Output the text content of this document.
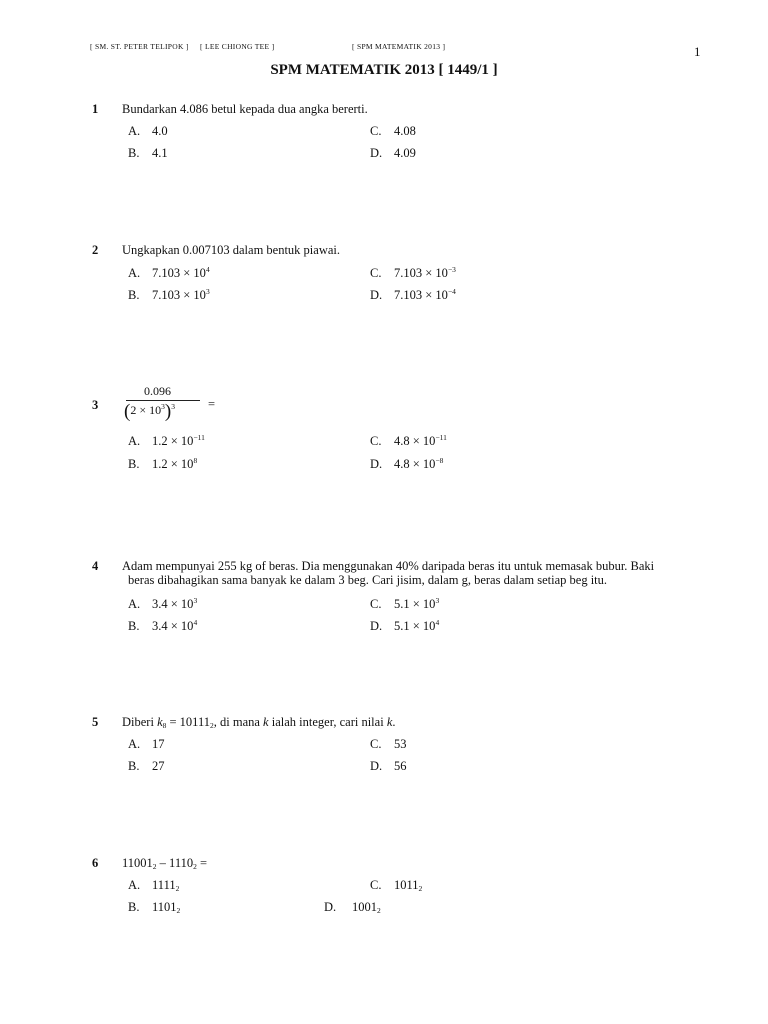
[ SM. ST. PETER TELIPOK ] [ LEE CHIONG TEE ]	[ SPM MATEMATIK 2013 ]	1
SPM MATEMATIK 2013 [ 1449/1 ]
1 Bundarkan 4.086 betul kepada dua angka bererti.
A. 4.0	C. 4.08
B. 4.1	D. 4.09
2 Ungkapkan 0.007103 dalam bentuk piawai.
A. $7.103 \times 10^4$	C. $7.103 \times 10^{-3}$
B. $7.103 \times 10^3$	D. $7.103 \times 10^{-4}$
3
0.096
$(2 \times 10^3)^3$	=
A. $1.2 \times 10^{-11}$	C. $4.8 \times 10^{-11}$
B. $1.2 \times 10^8$	D. $4.8 \times 10^{-8}$
4 Adam mempunyai 255 kg of beras. Dia menggunakan 40% daripada beras itu untuk memasak bubur. Baki
beras dibahagikan sama banyak ke dalam 3 beg. Cari jisim, dalam g, beras dalam setiap beg itu.
A. $3.4 \times 10^3$	C. $5.1 \times 10^3$
B. $3.4 \times 10^4$	D. $5.1 \times 10^4$
5 Diberi $k_8 = 10111_2$, di mana k ialah integer, cari nilai k.
A. 17	C. 53
B. 27	D. 56
6 $11001_2 - 1110_2$ =
A. $1111_2$	C. $1011_2$
B. $1101_2$	D. $1001_2$
